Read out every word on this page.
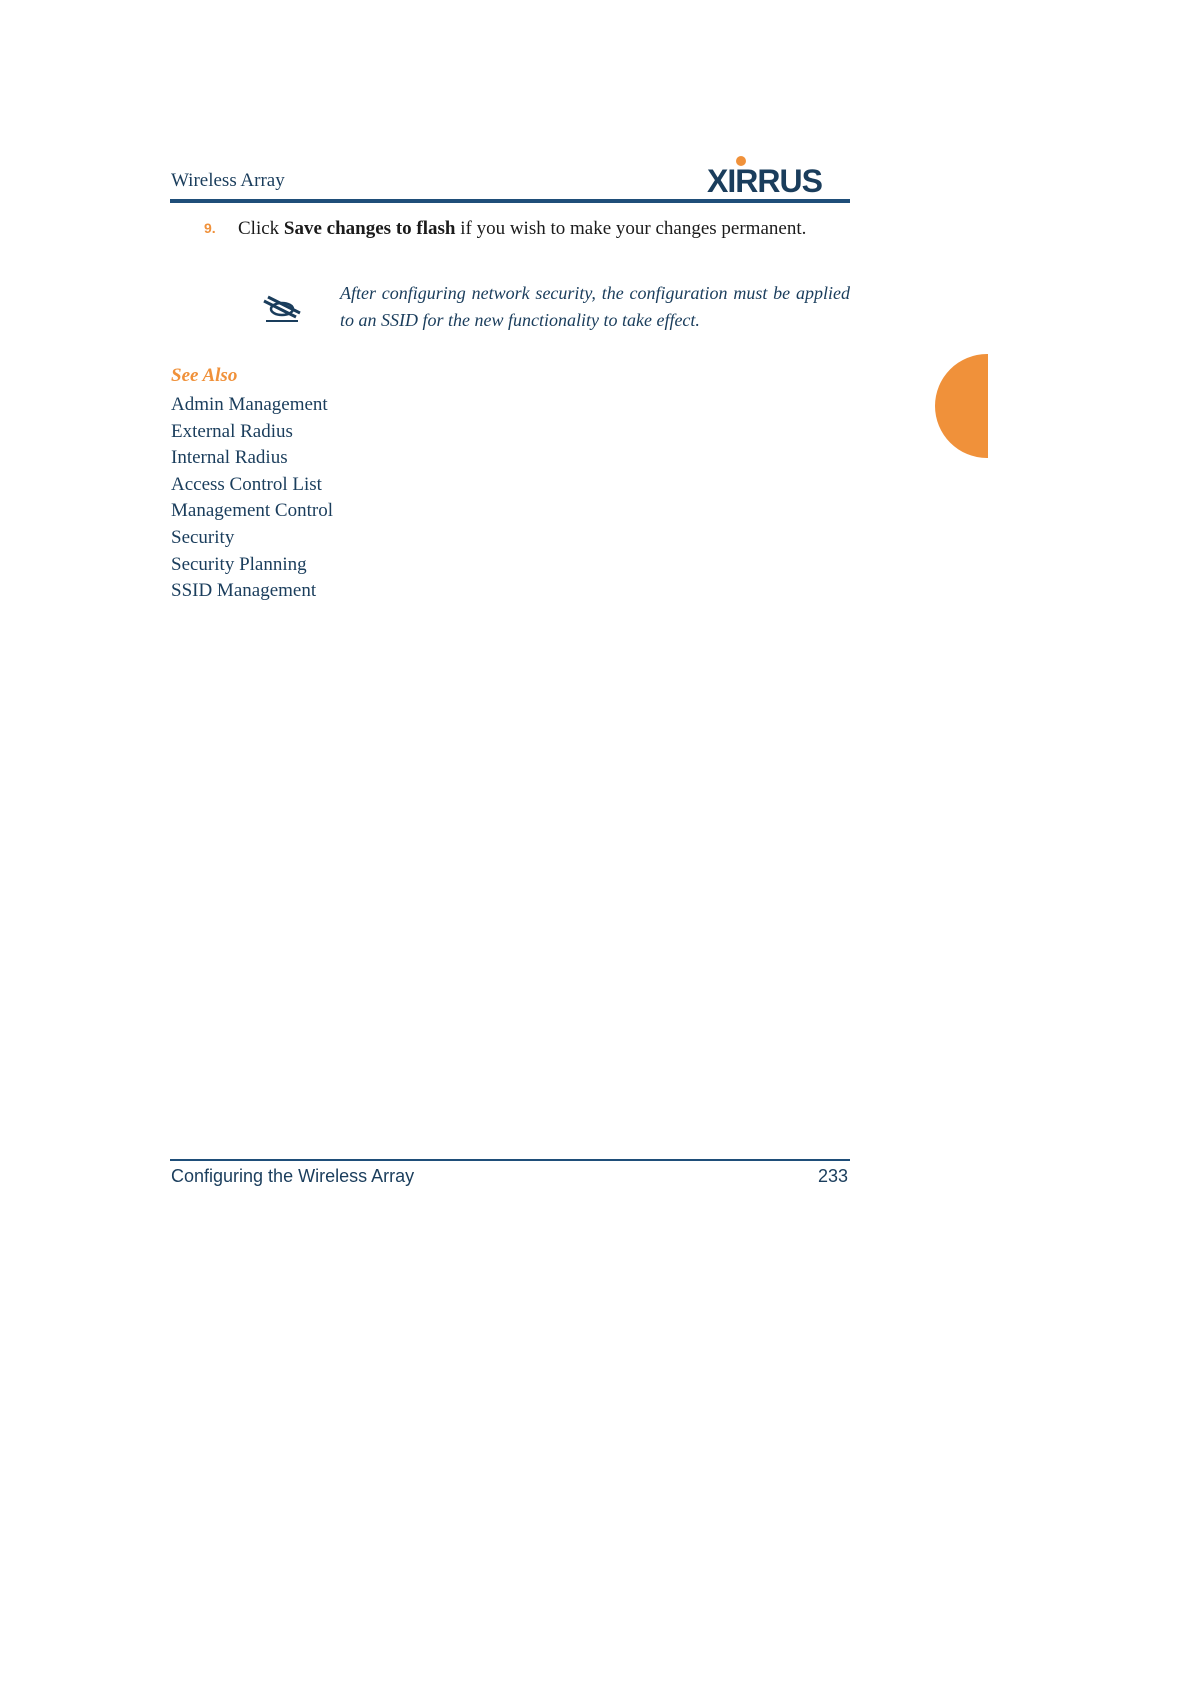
Wireless Array	XIRRUS
9.	Click Save changes to flash if you wish to make your changes permanent.
After configuring network security, the configuration must be applied to an SSID for the new functionality to take effect.
See Also
Admin Management
External Radius
Internal Radius
Access Control List
Management Control
Security
Security Planning
SSID Management
Configuring the Wireless Array	233
